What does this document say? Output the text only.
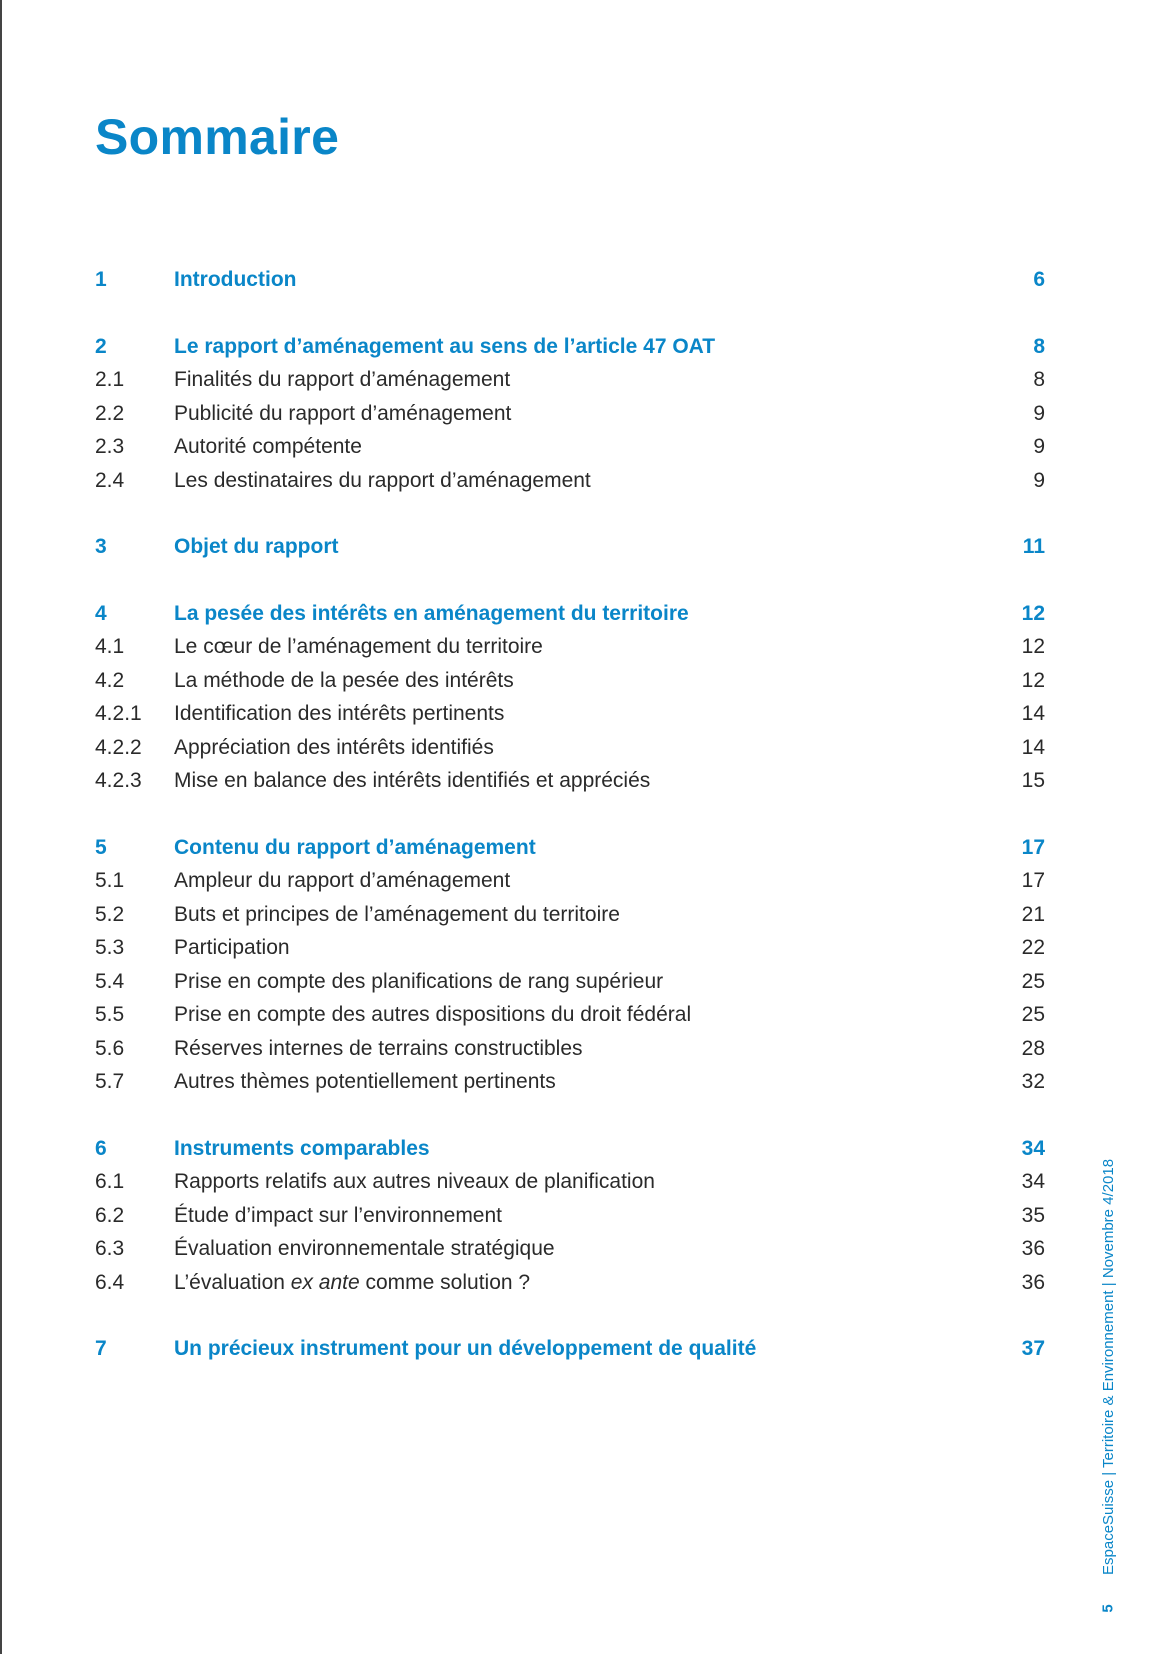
Sommaire
1	Introduction	6
2	Le rapport d’aménagement au sens de l’article 47 OAT	8
2.1	Finalités du rapport d’aménagement	8
2.2	Publicité du rapport d’aménagement	9
2.3	Autorité compétente	9
2.4	Les destinataires du rapport d’aménagement	9
3	Objet du rapport	11
4	La pesée des intérêts en aménagement du territoire	12
4.1	Le cœur de l’aménagement du territoire	12
4.2	La méthode de la pesée des intérêts	12
4.2.1	Identification des intérêts pertinents	14
4.2.2	Appréciation des intérêts identifiés	14
4.2.3	Mise en balance des intérêts identifiés et appréciés	15
5	Contenu du rapport d’aménagement	17
5.1	Ampleur du rapport d’aménagement	17
5.2	Buts et principes de l’aménagement du territoire	21
5.3	Participation	22
5.4	Prise en compte des planifications de rang supérieur	25
5.5	Prise en compte des autres dispositions du droit fédéral	25
5.6	Réserves internes de terrains constructibles	28
5.7	Autres thèmes potentiellement pertinents	32
6	Instruments comparables	34
6.1	Rapports relatifs aux autres niveaux de planification	34
6.2	Étude d’impact sur l’environnement	35
6.3	Évaluation environnementale stratégique	36
6.4	L’évaluation ex ante comme solution ?	36
7	Un précieux instrument pour un développement de qualité	37	EspaceSuisse | Territoire & Environnement | Novembre 4/2018
5
